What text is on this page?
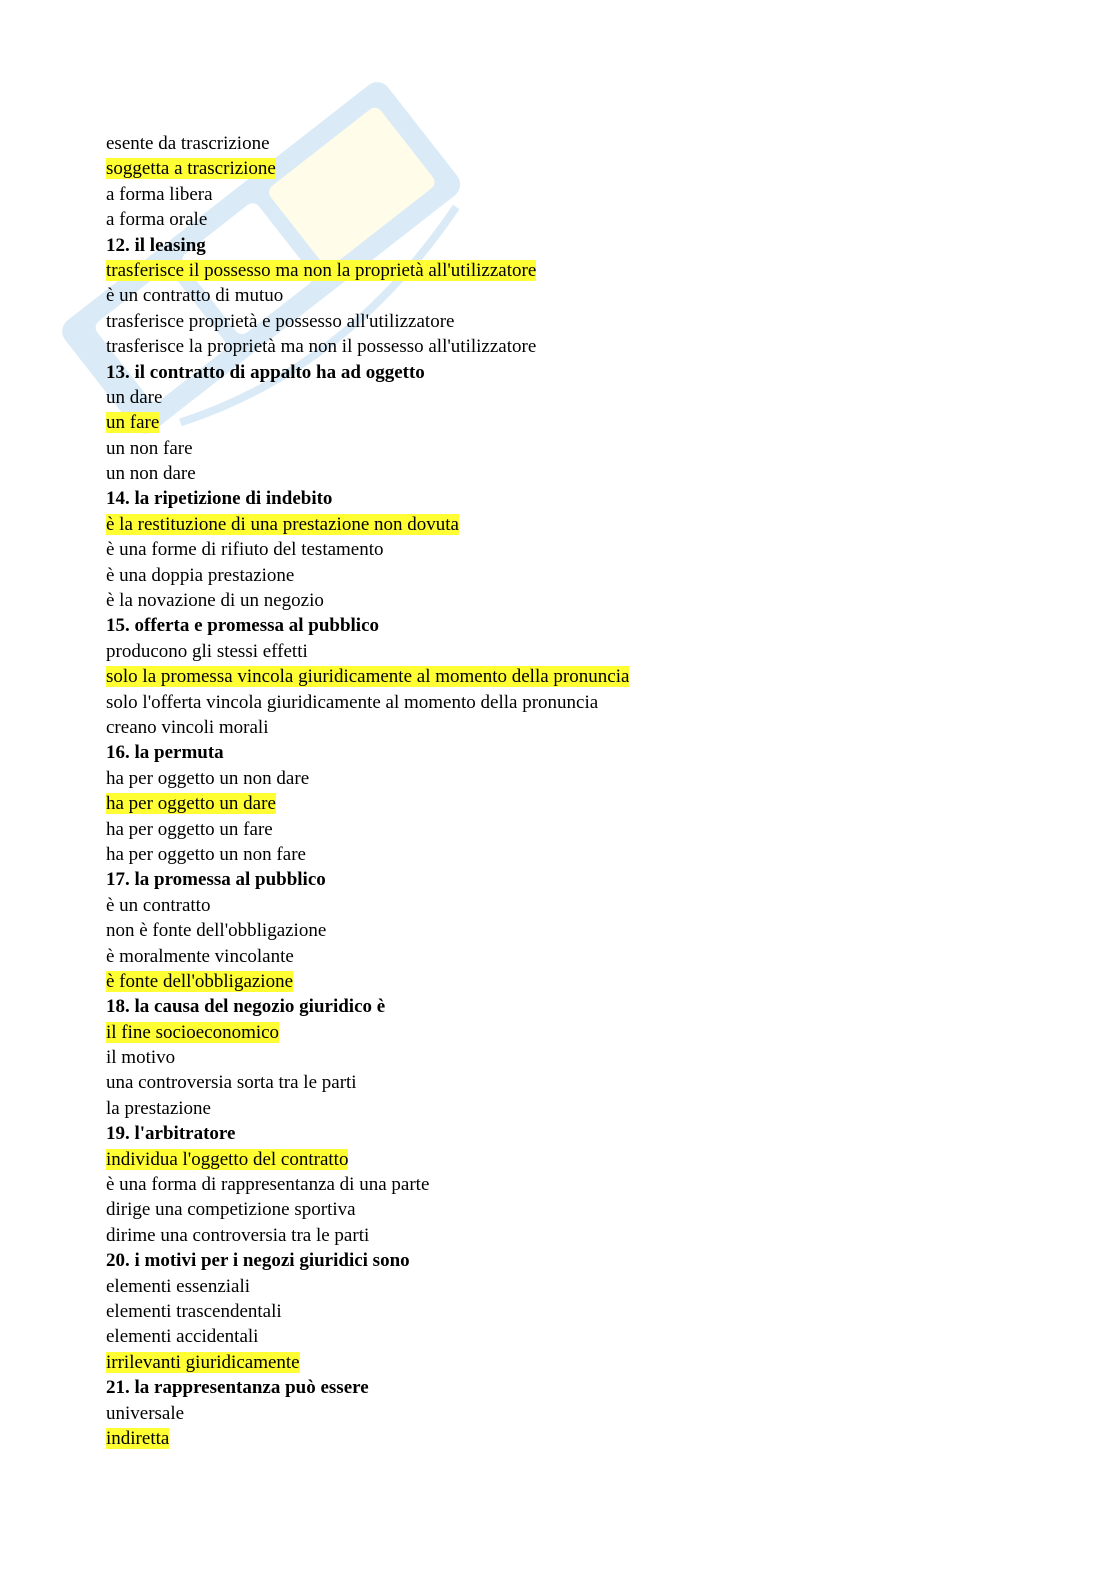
esente da trascrizione
soggetta a trascrizione
a forma libera
a forma orale
12. il leasing
trasferisce il possesso ma non la proprietà all'utilizzatore
è un contratto di mutuo
trasferisce proprietà e possesso all'utilizzatore
trasferisce la proprietà ma non il possesso all'utilizzatore
13. il contratto di appalto ha ad oggetto
un dare
un fare
un non fare
un non dare
14. la ripetizione di indebito
è la restituzione di una prestazione non dovuta
è una forme di rifiuto del testamento
è una doppia prestazione
è la novazione di un negozio
15. offerta e promessa al pubblico
producono gli stessi effetti
solo la promessa vincola giuridicamente al momento della pronuncia
solo l'offerta vincola giuridicamente al momento della pronuncia
creano vincoli morali
16. la permuta
ha per oggetto un non dare
ha per oggetto un dare
ha per oggetto un fare
ha per oggetto un non fare
17. la promessa al pubblico
è un contratto
non è fonte dell'obbligazione
è moralmente vincolante
è fonte dell'obbligazione
18. la causa del negozio giuridico è
il fine socioeconomico
il motivo
una controversia sorta tra le parti
la prestazione
19. l'arbitratore
individua l'oggetto del contratto
è una forma di rappresentanza di una parte
dirige una competizione sportiva
dirime una controversia tra le parti
20. i motivi per i negozi giuridici sono
elementi essenziali
elementi trascendentali
elementi accidentali
irrilevanti giuridicamente
21. la rappresentanza può essere
universale
indiretta
